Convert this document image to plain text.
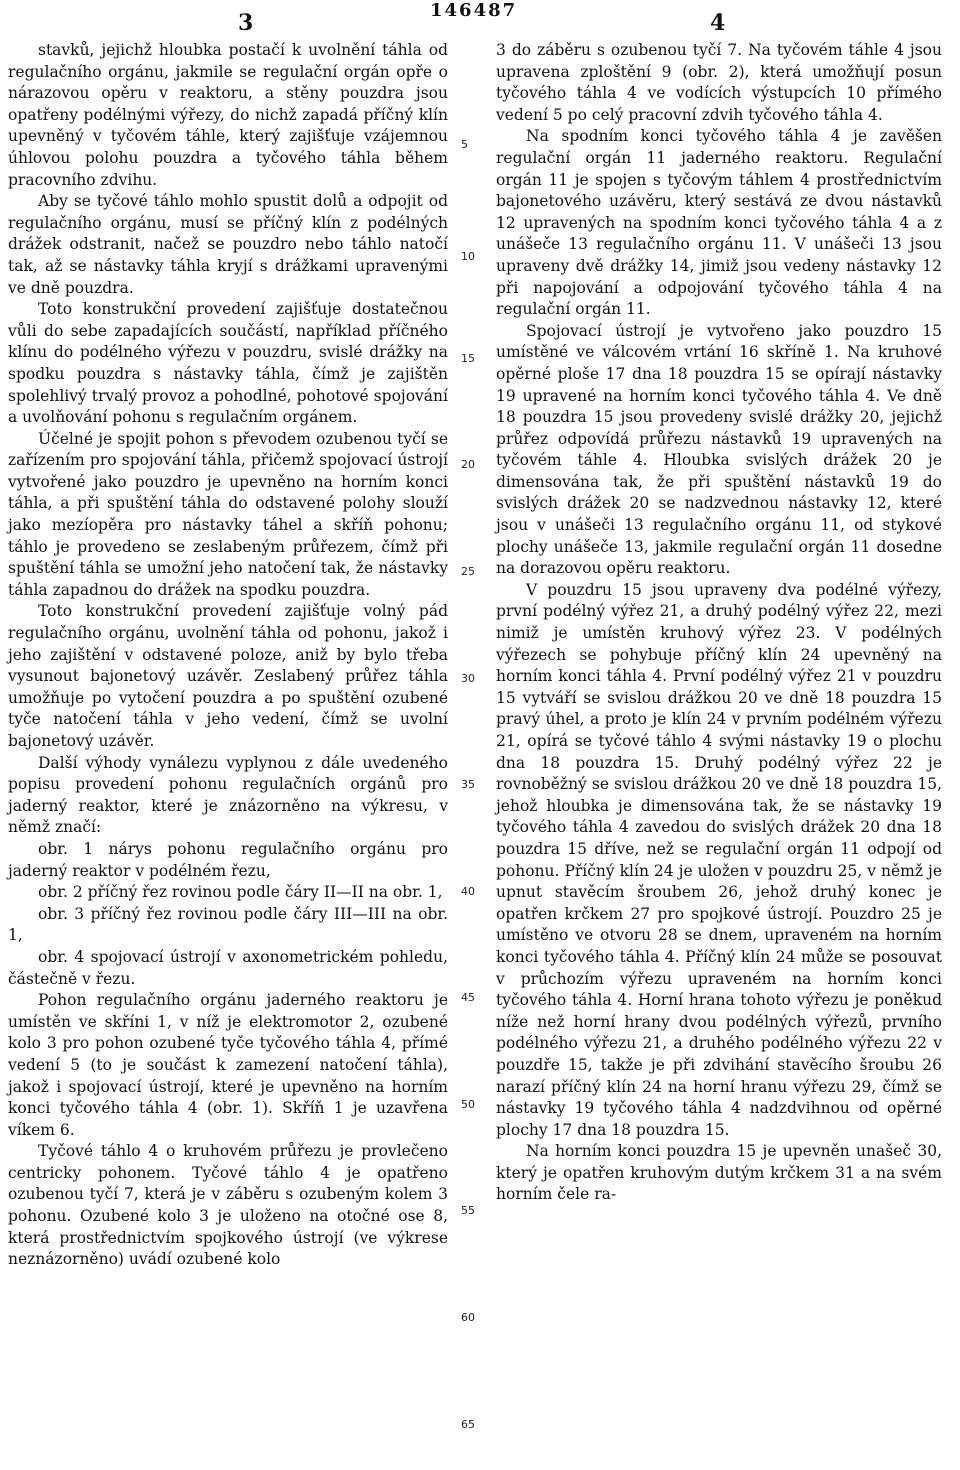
3	146487	4

stavků, jejichž hloubka postačí k uvolnění táhla od regulačního orgánu, jakmile se regulační orgán opře o nárazovou opěru v reaktoru, a stěny pouzdra jsou opatřeny podélnými výřezy, do nichž zapadá příčný klín upevněný v tyčovém táhle, který zajišťuje vzájemnou úhlovou polohu pouzdra a tyčového táhla během pracovního zdvihu.

Aby se tyčové táhlo mohlo spustit dolů a odpojit od regulačního orgánu, musí se příčný klín z podélných drážek odstranit, načež se pouzdro nebo táhlo natočí tak, až se nástavky táhla kryjí s drážkami upravenými ve dně pouzdra.

Toto konstrukční provedení zajišťuje dostatečnou vůli do sebe zapadajících součástí, například příčného klínu do podélného výřezu v pouzdru, svislé drážky na spodku pouzdra s nástavky táhla, čímž je zajištěn spolehlivý trvalý provoz a pohodlné, pohotové spojování a uvolňování pohonu s regulačním orgánem.

Účelné je spojit pohon s převodem ozubenou tyčí se zařízením pro spojování táhla, přičemž spojovací ústrojí vytvořené jako pouzdro je upevněno na horním konci táhla, a při spuštění táhla do odstavené polohy slouží jako mezíopěra pro nástavky táhel a skříň pohonu; táhlo je provedeno se zeslabeným průřezem, čímž při spuštění táhla se umožní jeho natočení tak, že nástavky táhla zapadnou do drážek na spodku pouzdra.

Toto konstrukční provedení zajišťuje volný pád regulačního orgánu, uvolnění táhla od pohonu, jakož i jeho zajištění v odstavené poloze, aniž by bylo třeba vysunout bajonetový uzávěr. Zeslabený průřez táhla umožňuje po vytočení pouzdra a po spuštění ozubené tyče natočení táhla v jeho vedení, čímž se uvolní bajonetový uzávěr.

Další výhody vynálezu vyplynou z dále uvedeného popisu provedení pohonu regulačních orgánů pro jaderný reaktor, které je znázorněno na výkresu, v němž značí:

obr. 1 nárys pohonu regulačního orgánu pro jaderný reaktor v podélném řezu,

obr. 2 příčný řez rovinou podle čáry II—II na obr. 1,

obr. 3 příčný řez rovinou podle čáry III—III na obr. 1,

obr. 4 spojovací ústrojí v axonometrickém pohledu, částečně v řezu.

Pohon regulačního orgánu jaderného reaktoru je umístěn ve skříni 1, v níž je elektromotor 2, ozubené kolo 3 pro pohon ozubené tyče tyčového táhla 4, přímé vedení 5 (to je součást k zamezení natočení táhla), jakož i spojovací ústrojí, které je upevněno na horním konci tyčového táhla 4 (obr. 1). Skříň 1 je uzavřena víkem 6.

Tyčové táhlo 4 o kruhovém průřezu je provlečeno centricky pohonem. Tyčové táhlo 4 je opatřeno ozubenou tyčí 7, která je v záběru s ozubeným kolem 3 pohonu. Ozubené kolo 3 je uloženo na otočné ose 8, která prostřednictvím spojkového ústrojí (ve výkrese neznázorněno) uvádí ozubené kolo

5
10
15
20
25
30
35
40
45
50
55
60
65

3 do záběru s ozubenou tyčí 7. Na tyčovém táhle 4 jsou upravena zploštění 9 (obr. 2), která umožňují posun tyčového táhla 4 ve vodících výstupcích 10 přímého vedení 5 po celý pracovní zdvih tyčového táhla 4.

Na spodním konci tyčového táhla 4 je zavěšen regulační orgán 11 jaderného reaktoru. Regulační orgán 11 je spojen s tyčovým táhlem 4 prostřednictvím bajonetového uzávěru, který sestává ze dvou nástavků 12 upravených na spodním konci tyčového táhla 4 a z unášeče 13 regulačního orgánu 11. V unášeči 13 jsou upraveny dvě drážky 14, jimiž jsou vedeny nástavky 12 při napojování a odpojování tyčového táhla 4 na regulační orgán 11.

Spojovací ústrojí je vytvořeno jako pouzdro 15 umístěné ve válcovém vrtání 16 skříně 1. Na kruhové opěrné ploše 17 dna 18 pouzdra 15 se opírají nástavky 19 upravené na horním konci tyčového táhla 4. Ve dně 18 pouzdra 15 jsou provedeny svislé drážky 20, jejichž průřez odpovídá průřezu nástavků 19 upravených na tyčovém táhle 4. Hloubka svislých drážek 20 je dimensována tak, že při spuštění nástavků 19 do svislých drážek 20 se nadzvednou nástavky 12, které jsou v unášeči 13 regulačního orgánu 11, od stykové plochy unášeče 13, jakmile regulační orgán 11 dosedne na dorazovou opěru reaktoru.

V pouzdru 15 jsou upraveny dva podélné výřezy, první podélný výřez 21, a druhý podélný výřez 22, mezi nimiž je umístěn kruhový výřez 23. V podélných výřezech se pohybuje příčný klín 24 upevněný na horním konci táhla 4. První podélný výřez 21 v pouzdru 15 vytváří se svislou drážkou 20 ve dně 18 pouzdra 15 pravý úhel, a proto je klín 24 v prvním podélném výřezu 21, opírá se tyčové táhlo 4 svými nástavky 19 o plochu dna 18 pouzdra 15. Druhý podélný výřez 22 je rovnoběžný se svislou drážkou 20 ve dně 18 pouzdra 15, jehož hloubka je dimensována tak, že se nástavky 19 tyčového táhla 4 zavedou do svislých drážek 20 dna 18 pouzdra 15 dříve, než se regulační orgán 11 odpojí od pohonu. Příčný klín 24 je uložen v pouzdru 25, v němž je upnut stavěcím šroubem 26, jehož druhý konec je opatřen krčkem 27 pro spojkové ústrojí. Pouzdro 25 je umístěno ve otvoru 28 se dnem, upraveném na horním konci tyčového táhla 4. Příčný klín 24 může se posouvat v průchozím výřezu upraveném na horním konci tyčového táhla 4. Horní hrana tohoto výřezu je poněkud níže než horní hrany dvou podélných výřezů, prvního podélného výřezu 21, a druhého podélného výřezu 22 v pouzdře 15, takže je při zdvihání stavěcího šroubu 26 narazí příčný klín 24 na horní hranu výřezu 29, čímž se nástavky 19 tyčového táhla 4 nadzdvihnou od opěrné plochy 17 dna 18 pouzdra 15.

Na horním konci pouzdra 15 je upevněn unašeč 30, který je opatřen kruhovým dutým krčkem 31 a na svém horním čele ra-
